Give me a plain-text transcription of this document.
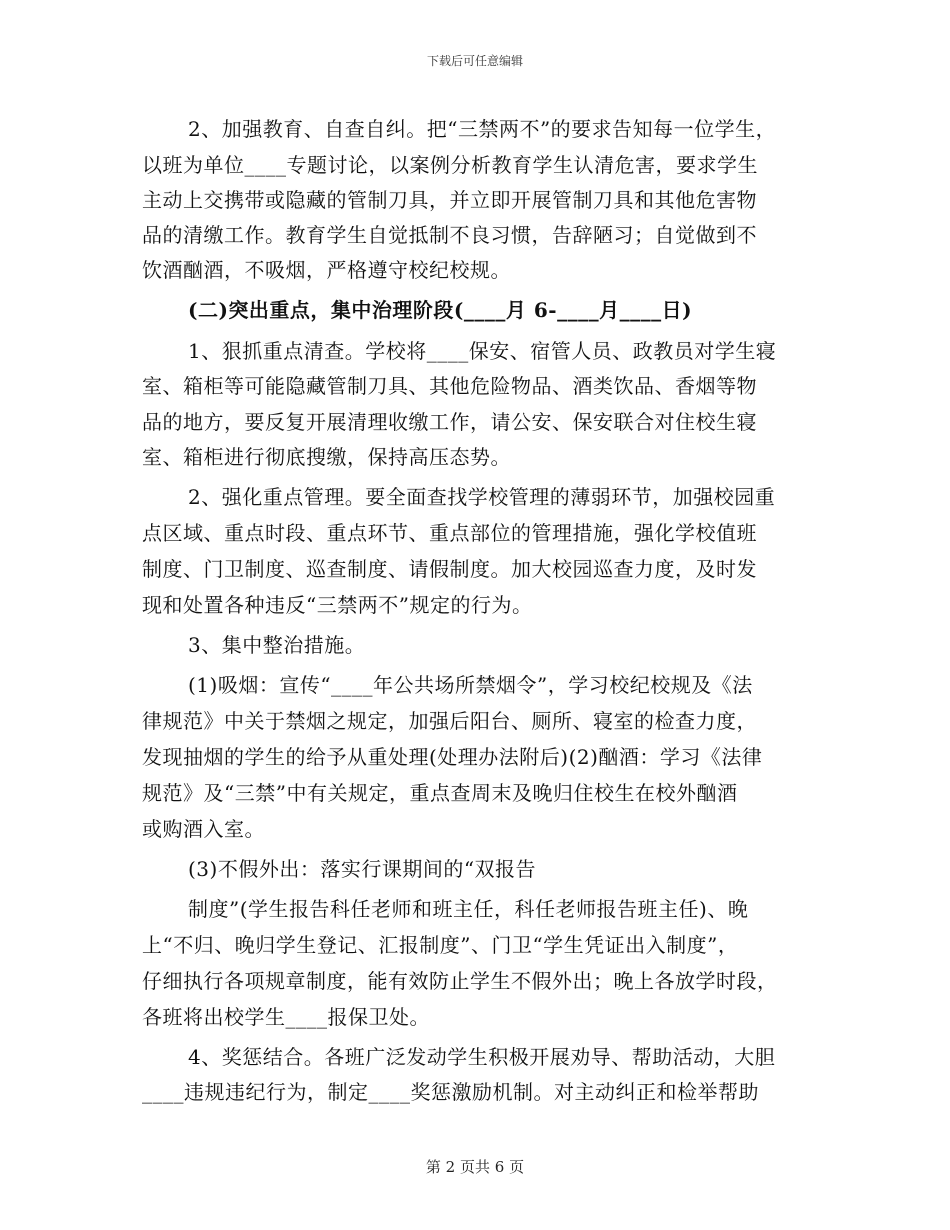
下载后可任意编辑
2、加强教育、自查自纠。把“三禁两不”的要求告知每一位学生，
以班为单位____专题讨论，以案例分析教育学生认清危害，要求学生
主动上交携带或隐藏的管制刀具，并立即开展管制刀具和其他危害物
品的清缴工作。教育学生自觉抵制不良习惯，告辞陋习；自觉做到不
饮酒酗酒，不吸烟，严格遵守校纪校规。
(二)突出重点，集中治理阶段(____月 6-____月____日)
1、狠抓重点清查。学校将____保安、宿管人员、政教员对学生寝
室、箱柜等可能隐藏管制刀具、其他危险物品、酒类饮品、香烟等物
品的地方，要反复开展清理收缴工作，请公安、保安联合对住校生寝
室、箱柜进行彻底搜缴，保持高压态势。
2、强化重点管理。要全面查找学校管理的薄弱环节，加强校园重
点区域、重点时段、重点环节、重点部位的管理措施，强化学校值班
制度、门卫制度、巡查制度、请假制度。加大校园巡查力度，及时发
现和处置各种违反“三禁两不”规定的行为。
3、集中整治措施。
(1)吸烟：宣传“____年公共场所禁烟令”，学习校纪校规及《法
律规范》中关于禁烟之规定，加强后阳台、厕所、寝室的检查力度，
发现抽烟的学生的给予从重处理(处理办法附后)(2)酗酒：学习《法律
规范》及“三禁”中有关规定，重点查周末及晚归住校生在校外酗酒
或购酒入室。
(3)不假外出：落实行课期间的“双报告
制度”(学生报告科任老师和班主任，科任老师报告班主任)、晚
上“不归、晚归学生登记、汇报制度”、门卫“学生凭证出入制度”，
仔细执行各项规章制度，能有效防止学生不假外出；晚上各放学时段，
各班将出校学生____报保卫处。
4、奖惩结合。各班广泛发动学生积极开展劝导、帮助活动，大胆
____违规违纪行为，制定____奖惩激励机制。对主动纠正和检举帮助
第 2 页共 6 页
